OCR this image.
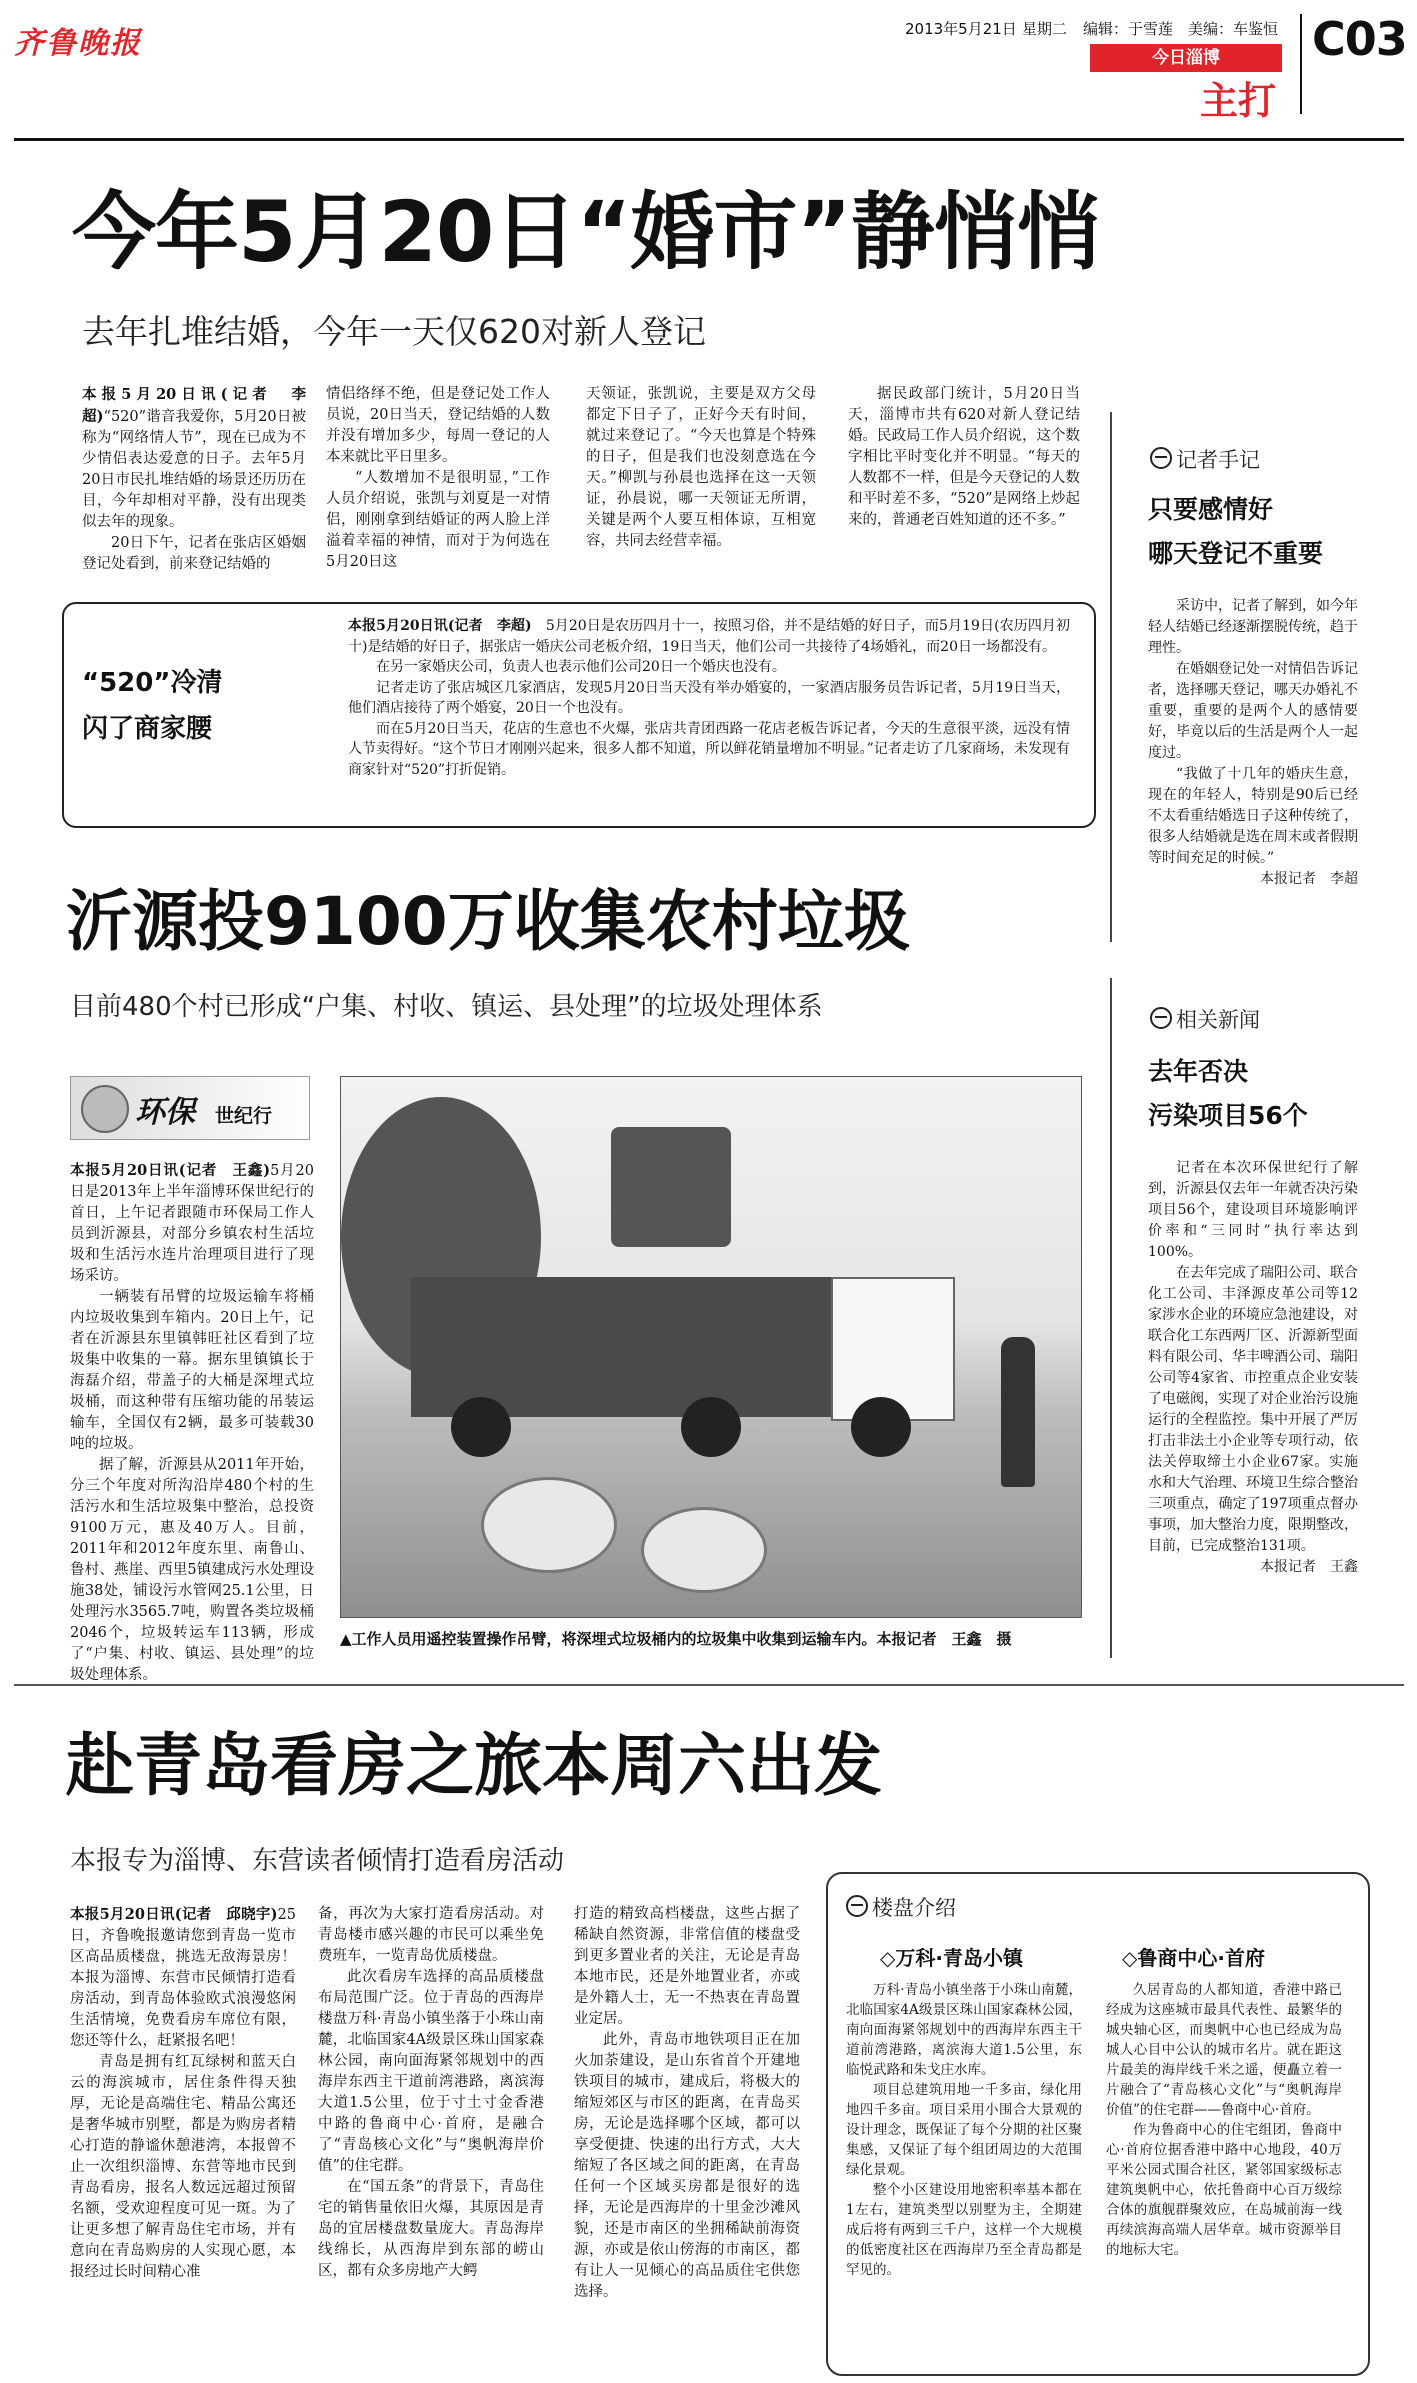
齐鲁晚报	2013年5月21日 星期二 编辑：于雪莲 美编：车鉴恒
今日淄博
主打
C03
今年5月20日“婚市”静悄悄
去年扎堆结婚，今年一天仅620对新人登记

本报5月20日讯(记者　李超)“520”谐音我爱你，5月20日被称为“网络情人节”，现在已成为不少情侣表达爱意的日子。去年5月20日市民扎堆结婚的场景还历历在目，今年却相对平静，没有出现类似去年的现象。

20日下午，记者在张店区婚姻登记处看到，前来登记结婚的

情侣络绎不绝，但是登记处工作人员说，20日当天，登记结婚的人数并没有增加多少，每周一登记的人本来就比平日里多。

“人数增加不是很明显，”工作人员介绍说，张凯与刘夏是一对情侣，刚刚拿到结婚证的两人脸上洋溢着幸福的神情，而对于为何选在5月20日这

天领证，张凯说，主要是双方父母都定下日子了，正好今天有时间，就过来登记了。“今天也算是个特殊的日子，但是我们也没刻意选在今天。”柳凯与孙晨也选择在这一天领证，孙晨说，哪一天领证无所谓，关键是两个人要互相体谅，互相宽容，共同去经营幸福。

据民政部门统计，5月20日当天，淄博市共有620对新人登记结婚。民政局工作人员介绍说，这个数字相比平时变化并不明显。“每天的人数都不一样，但是今天登记的人数和平时差不多，“520”是网络上炒起来的，普通老百姓知道的还不多。”

“520”冷清
闪了商家腰

本报5月20日讯(记者　李超)　 5月20日是农历四月十一，按照习俗，并不是结婚的好日子，而5月19日(农历四月初十)是结婚的好日子，据张店一婚庆公司老板介绍，19日当天，他们公司一共接待了4场婚礼，而20日一场都没有。

在另一家婚庆公司，负责人也表示他们公司20日一个婚庆也没有。

记者走访了张店城区几家酒店，发现5月20日当天没有举办婚宴的，一家酒店服务员告诉记者，5月19日当天，他们酒店接待了两个婚宴，20日一个也没有。

而在5月20日当天，花店的生意也不火爆，张店共青团西路一花店老板告诉记者，今天的生意很平淡，远没有情人节卖得好。“这个节日才刚刚兴起来，很多人都不知道，所以鲜花销量增加不明显。”记者走访了几家商场，未发现有商家针对“520”打折促销。

记者手记
只要感情好
哪天登记不重要

采访中，记者了解到，如今年轻人结婚已经逐渐摆脱传统，趋于理性。

在婚姻登记处一对情侣告诉记者，选择哪天登记，哪天办婚礼不重要，重要的是两个人的感情要好，毕竟以后的生活是两个人一起度过。

“我做了十几年的婚庆生意，现在的年轻人，特别是90后已经不太看重结婚选日子这种传统了，很多人结婚就是选在周末或者假期等时间充足的时候。”

本报记者　李超
沂源投9100万收集农村垃圾
目前480个村已形成“户集、村收、镇运、县处理”的垃圾处理体系
环保 世纪行

本报5月20日讯(记者　王鑫)5月20日是2013年上半年淄博环保世纪行的首日，上午记者跟随市环保局工作人员到沂源县，对部分乡镇农村生活垃圾和生活污水连片治理项目进行了现场采访。

一辆装有吊臂的垃圾运输车将桶内垃圾收集到车箱内。20日上午，记者在沂源县东里镇韩旺社区看到了垃圾集中收集的一幕。据东里镇镇长于海磊介绍，带盖子的大桶是深埋式垃圾桶，而这种带有压缩功能的吊装运输车，全国仅有2辆，最多可装载30吨的垃圾。

据了解，沂源县从2011年开始，分三个年度对所沟沿岸480个村的生活污水和生活垃圾集中整治，总投资9100万元，惠及40万人。目前，2011年和2012年度东里、南鲁山、鲁村、燕崖、西里5镇建成污水处理设施38处，铺设污水管网25.1公里，日处理污水3565.7吨，购置各类垃圾桶2046个，垃圾转运车113辆，形成了“户集、村收、镇运、县处理”的垃圾处理体系。

▲工作人员用遥控装置操作吊臂，将深埋式垃圾桶内的垃圾集中收集到运输车内。本报记者　王鑫　摄
相关新闻
去年否决
污染项目56个

记者在本次环保世纪行了解到，沂源县仅去年一年就否决污染项目56个，建设项目环境影响评价率和“三同时”执行率达到100%。

在去年完成了瑞阳公司、联合化工公司、丰泽源皮革公司等12家涉水企业的环境应急池建设，对联合化工东西两厂区、沂源新型面料有限公司、华丰啤酒公司、瑞阳公司等4家省、市控重点企业安装了电磁阀，实现了对企业治污设施运行的全程监控。集中开展了严厉打击非法土小企业等专项行动，依法关停取缔土小企业67家。实施水和大气治理、环境卫生综合整治三项重点，确定了197项重点督办事项，加大整治力度，限期整改，目前，已完成整治131项。

本报记者　王鑫
赴青岛看房之旅本周六出发
本报专为淄博、东营读者倾情打造看房活动

本报5月20日讯(记者　邱晓宇)25日，齐鲁晚报邀请您到青岛一览市区高品质楼盘，挑选无敌海景房！本报为淄博、东营市民倾情打造看房活动，到青岛体验欧式浪漫悠闲生活情境，免费看房车席位有限，您还等什么，赶紧报名吧！

青岛是拥有红瓦绿树和蓝天白云的海滨城市，居住条件得天独厚，无论是高端住宅、精品公寓还是奢华城市别墅，都是为购房者精心打造的静谧休憩港湾，本报曾不止一次组织淄博、东营等地市民到青岛看房，报名人数远远超过预留名额，受欢迎程度可见一斑。为了让更多想了解青岛住宅市场，并有意向在青岛购房的人实现心愿，本报经过长时间精心准

备，再次为大家打造看房活动。对青岛楼市感兴趣的市民可以乘坐免费班车，一览青岛优质楼盘。

此次看房车选择的高品质楼盘布局范围广泛。位于青岛的西海岸楼盘万科·青岛小镇坐落于小珠山南麓，北临国家4A级景区珠山国家森林公园，南向面海紧邻规划中的西海岸东西主干道前湾港路，离滨海大道1.5公里，位于寸土寸金香港中路的鲁商中心·首府，是融合了“青岛核心文化”与“奥帆海岸价值”的住宅群。

在“国五条”的背景下，青岛住宅的销售量依旧火爆，其原因是青岛的宜居楼盘数量庞大。青岛海岸线绵长，从西海岸到东部的崂山区，都有众多房地产大鳄

打造的精致高档楼盘，这些占据了稀缺自然资源，非常信值的楼盘受到更多置业者的关注，无论是青岛本地市民，还是外地置业者，亦或是外籍人士，无一不热衷在青岛置业定居。

此外，青岛市地铁项目正在加火加荼建设，是山东省首个开建地铁项目的城市，建成后，将极大的缩短郊区与市区的距离，在青岛买房，无论是选择哪个区域，都可以享受便捷、快速的出行方式，大大缩短了各区域之间的距离，在青岛任何一个区域买房都是很好的选择，无论是西海岸的十里金沙滩风貌，还是市南区的坐拥稀缺前海资源，亦或是依山傍海的市南区，都有让人一见倾心的高品质住宅供您选择。

楼盘介绍
◇万科·青岛小镇	◇鲁商中心·首府

万科·青岛小镇坐落于小珠山南麓，北临国家4A级景区珠山国家森林公园，南向面海紧邻规划中的西海岸东西主干道前湾港路，离滨海大道1.5公里，东临悦武路和朱戈庄水库。

项目总建筑用地一千多亩，绿化用地四千多亩。项目采用小围合大景观的设计理念，既保证了每个分期的社区聚集感，又保证了每个组团周边的大范围绿化景观。

整个小区建设用地密积率基本都在1左右，建筑类型以别墅为主，全期建成后将有两到三千户，这样一个大规模的低密度社区在西海岸乃至全青岛都是罕见的。

久居青岛的人都知道，香港中路已经成为这座城市最具代表性、最繁华的城央轴心区，而奥帆中心也已经成为岛城人心目中公认的城市名片。就在距这片最美的海岸线千米之遥，便矗立着一片融合了“青岛核心文化”与“奥帆海岸价值”的住宅群——鲁商中心·首府。

作为鲁商中心的住宅组团，鲁商中心·首府位据香港中路中心地段，40万平米公园式围合社区，紧邻国家级标志建筑奥帆中心，依托鲁商中心百万级综合体的旗舰群聚效应，在岛城前海一线再续滨海高端人居华章。城市资源举目的地标大宅。
